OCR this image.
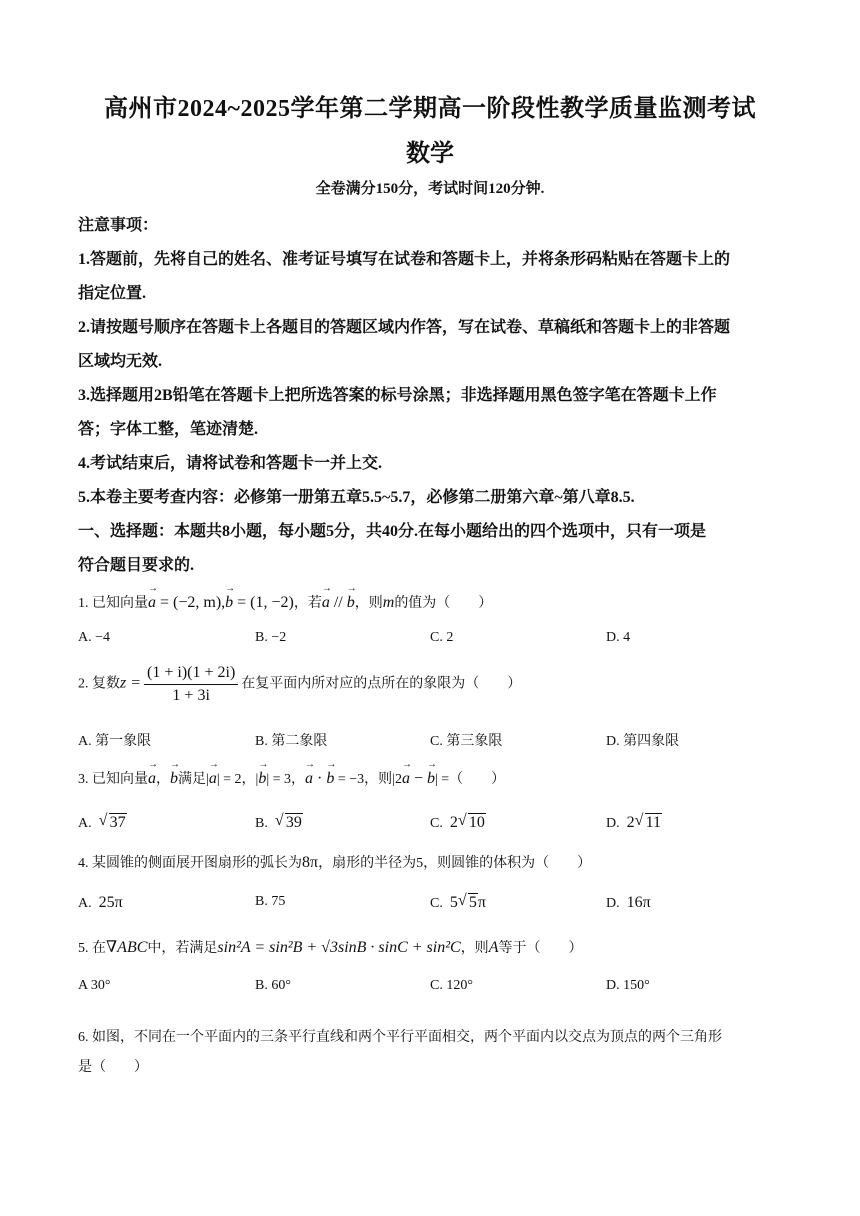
高州市2024~2025学年第二学期高一阶段性教学质量监测考试
数学
全卷满分150分，考试时间120分钟.
注意事项：
1.答题前，先将自己的姓名、准考证号填写在试卷和答题卡上，并将条形码粘贴在答题卡上的
指定位置.
2.请按题号顺序在答题卡上各题目的答题区域内作答，写在试卷、草稿纸和答题卡上的非答题
区域均无效.
3.选择题用2B铅笔在答题卡上把所选答案的标号涂黑；非选择题用黑色签字笔在答题卡上作
答；字体工整，笔迹清楚.
4.考试结束后，请将试卷和答题卡一并上交.
5.本卷主要考查内容：必修第一册第五章5.5~5.7，必修第二册第六章~第八章8.5.
一、选择题：本题共8小题，每小题5分，共40分.在每小题给出的四个选项中，只有一项是
符合题目要求的.
1. 已知向量→ a = (−2, m),→ b = (1, −2)，若→ a // → b，则m的值为（　　）
A. −4	B. −2	C. 2	D. 4
2. 复数$z = \frac{(1 + i)(1 + 2i)}{1 + 3i}$ 在复平面内所对应的点所在的象限为（　　）
A. 第一象限	B. 第二象限	C. 第三象限	D. 第四象限
3. 已知向量→ a，→ b满足|→ a| = 2，|→ b| = 3，→ a · → b = −3，则|2→ a − → b| =（　　）
A. √ 37	B. √ 39	C. 2 √ 10	D. 2 √ 11
4. 某圆锥的侧面展开图扇形的弧长为8π，扇形的半径为5，则圆锥的体积为（　　）
A. 25π	B. 75	C. 5 √ 5π	D. 16π
5. 在∇ABC中，若满足sin²A = sin²B + √3sinB · sinC + sin²C，则A等于（　　）
A 30°	B. 60°	C. 120°	D. 150°
6. 如图，不同在一个平面内的三条平行直线和两个平行平面相交，两个平面内以交点为顶点的两个三角形
是（　　）
